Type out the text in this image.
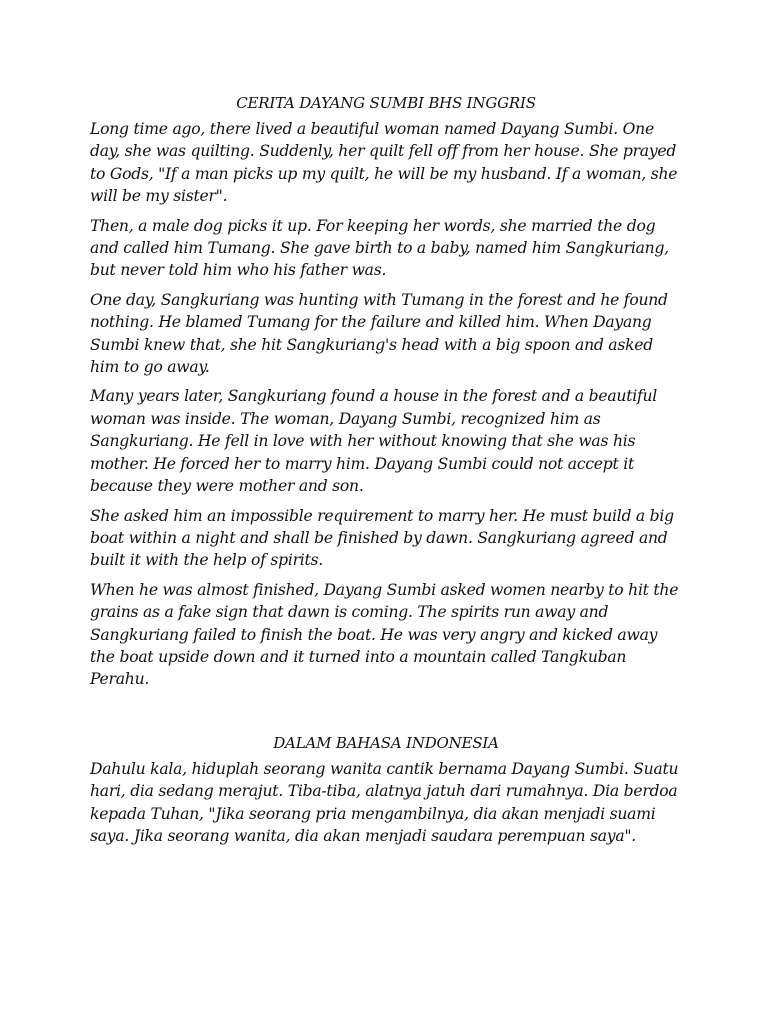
CERITA DAYANG SUMBI BHS INGGRIS

Long time ago, there lived a beautiful woman named Dayang Sumbi. One day, she was quilting. Suddenly, her quilt fell off from her house. She prayed to Gods, "If a man picks up my quilt, he will be my husband. If a woman, she will be my sister".

Then, a male dog picks it up. For keeping her words, she married the dog and called him Tumang. She gave birth to a baby, named him Sangkuriang, but never told him who his father was.

One day, Sangkuriang was hunting with Tumang in the forest and he found nothing. He blamed Tumang for the failure and killed him. When Dayang Sumbi knew that, she hit Sangkuriang's head with a big spoon and asked him to go away.

Many years later, Sangkuriang found a house in the forest and a beautiful woman was inside. The woman, Dayang Sumbi, recognized him as Sangkuriang. He fell in love with her without knowing that she was his mother. He forced her to marry him. Dayang Sumbi could not accept it because they were mother and son.

She asked him an impossible requirement to marry her. He must build a big boat within a night and shall be finished by dawn. Sangkuriang agreed and built it with the help of spirits.

When he was almost finished, Dayang Sumbi asked women nearby to hit the grains as a fake sign that dawn is coming. The spirits run away and Sangkuriang failed to finish the boat. He was very angry and kicked away the boat upside down and it turned into a mountain called Tangkuban Perahu.

DALAM BAHASA INDONESIA

Dahulu kala, hiduplah seorang wanita cantik bernama Dayang Sumbi. Suatu hari, dia sedang merajut. Tiba-tiba, alatnya jatuh dari rumahnya. Dia berdoa kepada Tuhan, "Jika seorang pria mengambilnya, dia akan menjadi suami saya. Jika seorang wanita, dia akan menjadi saudara perempuan saya".
